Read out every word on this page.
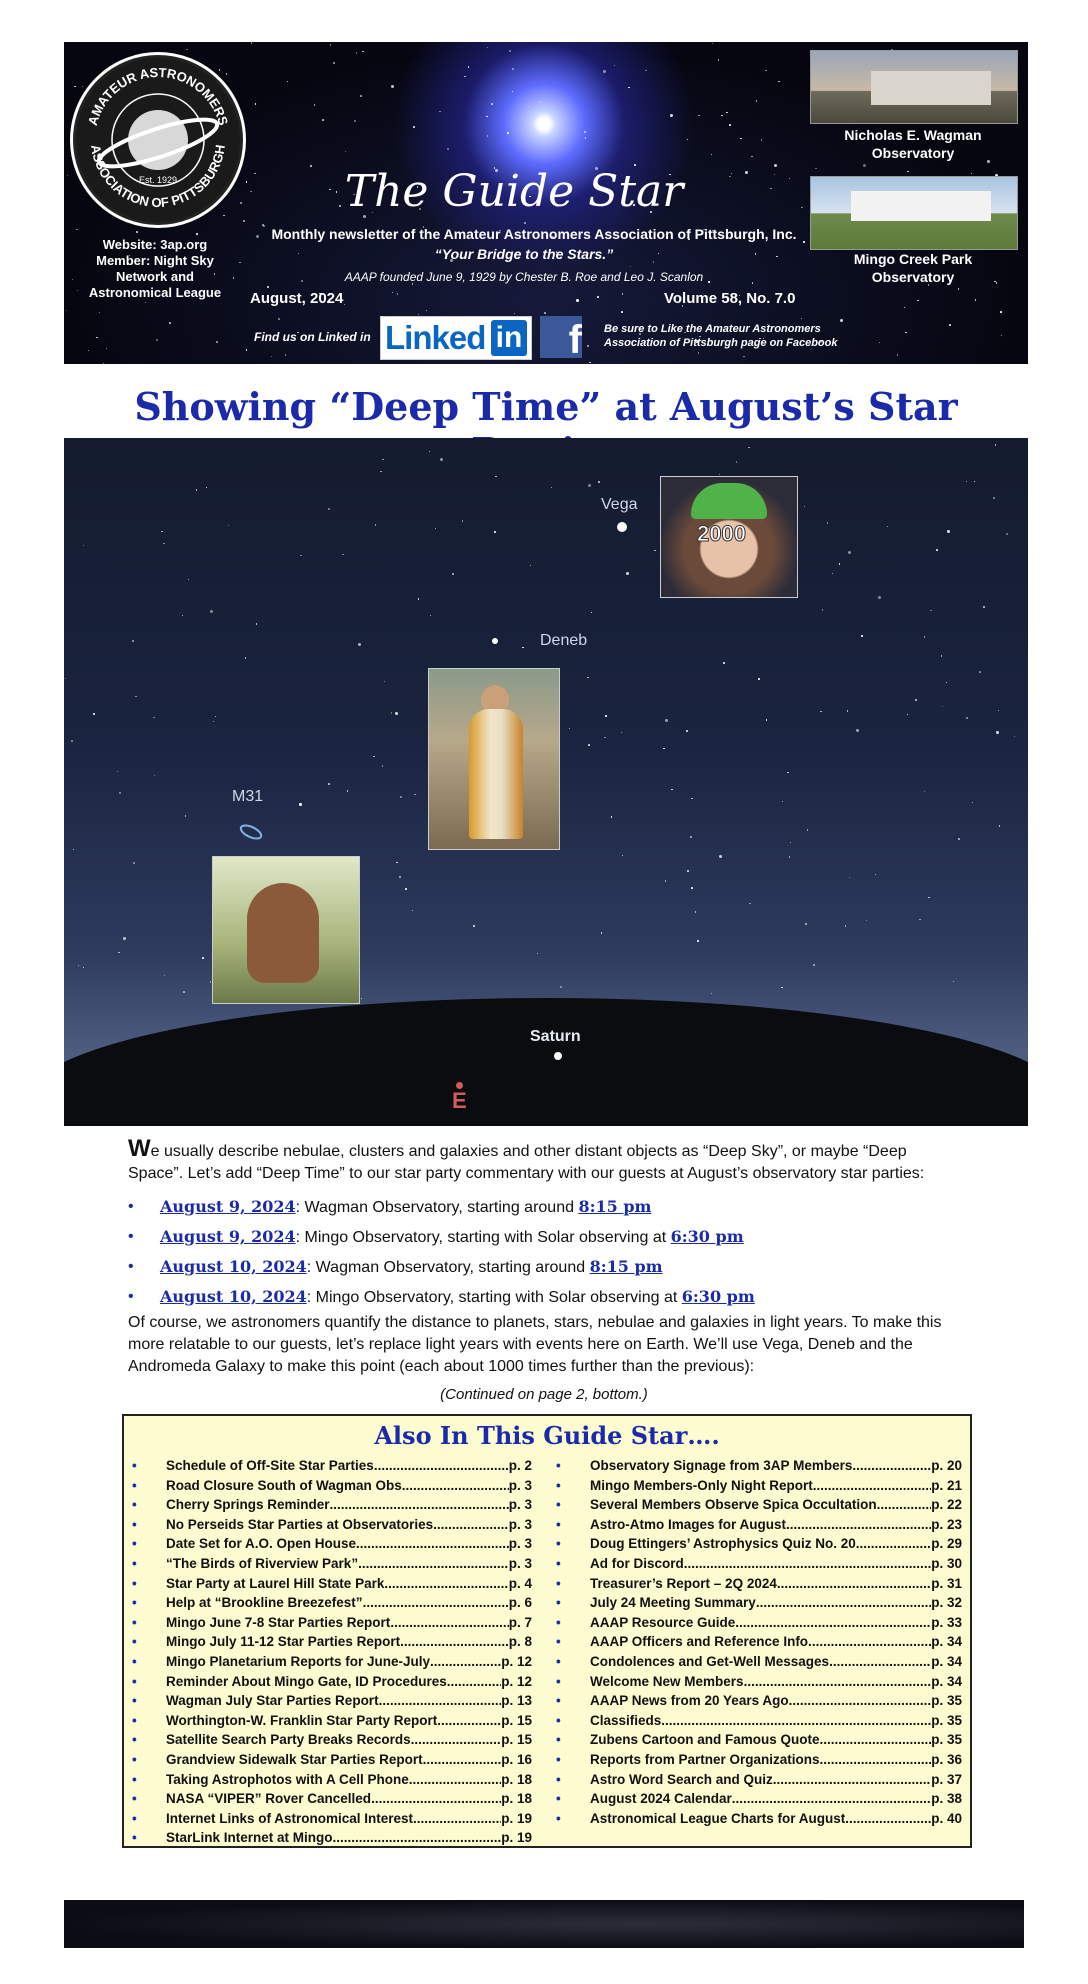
AMATEUR ASTRONOMERS
ASSOCIATION OF PITTSBURGH
Est. 1929
Website: 3ap.org
Member: Night Sky
Network and
Astronomical League
The Guide Star
Monthly newsletter of the Amateur Astronomers Association of Pittsburgh, Inc.
“Your Bridge to the Stars.”
AAAP founded June 9, 1929 by Chester B. Roe and Leo J. Scanlon
August, 2024	Volume 58, No. 7.0
Find us on Linked in Linked in	f Be sure to Like the Amateur Astronomers Association of Pittsburgh page on Facebook
Nicholas E. Wagman
Observatory
Mingo Creek Park
Observatory
Showing “Deep Time” at August’s Star
Vega
Deneb
M31
Saturn
E
2000
We usually describe nebulae, clusters and galaxies and other distant objects as “Deep Sky”, or maybe “Deep Space”. Let’s add “Deep Time” to our star party commentary with our guests at August’s observatory star parties:
• August 9, 2024: Wagman Observatory, starting around 8:15 pm
• August 9, 2024: Mingo Observatory, starting with Solar observing at 6:30 pm
• August 10, 2024: Wagman Observatory, starting around 8:15 pm
• August 10, 2024: Mingo Observatory, starting with Solar observing at 6:30 pm
Of course, we astronomers quantify the distance to planets, stars, nebulae and galaxies in light years. To make this more relatable to our guests, let’s replace light years with events here on Earth. We’ll use Vega, Deneb and the Andromeda Galaxy to make this point (each about 1000 times further than the previous):
(Continued on page 2, bottom.)
Also In This Guide Star….
• Schedule of Off-Site Star Parties .....	p. 2
• Road Closure South of Wagman Obs. .....	p. 3
• Cherry Springs Reminder .....	p. 3
• No Perseids Star Parties at Observatories .....	p. 3
• Date Set for A.O. Open House .....	p. 3
• “The Birds of Riverview Park” .....	p. 3
• Star Party at Laurel Hill State Park .....	p. 4
• Help at “Brookline Breezefest” .....	p. 6
• Mingo June 7-8 Star Parties Report .....	p. 7
• Mingo July 11-12 Star Parties Report .....	p. 8
• Mingo Planetarium Reports for June-July .....	p. 12
• Reminder About Mingo Gate, ID Procedures .....	p. 12
• Wagman July Star Parties Report .....	p. 13
• Worthington-W. Franklin Star Party Report .....	p. 15
• Satellite Search Party Breaks Records .....	p. 15
• Grandview Sidewalk Star Parties Report .....	p. 16
• Taking Astrophotos with A Cell Phone .....	p. 18
• NASA “VIPER” Rover Cancelled .....	p. 18
• Internet Links of Astronomical Interest .....	p. 19
• StarLink Internet at Mingo .....	p. 19
• Observatory Signage from 3AP Members .....	p. 20
• Mingo Members-Only Night Report .....	p. 21
• Several Members Observe Spica Occultation .....	p. 22
• Astro-Atmo Images for August .....	p. 23
• Doug Ettingers’ Astrophysics Quiz No. 20 .....	p. 29
• Ad for Discord .....	p. 30
• Treasurer’s Report – 2Q 2024 .....	p. 31
• July 24 Meeting Summary .....	p. 32
• AAAP Resource Guide .....	p. 33
• AAAP Officers and Reference Info. .....	p. 34
• Condolences and Get-Well Messages .....	p. 34
• Welcome New Members .....	p. 34
• AAAP News from 20 Years Ago .....	p. 35
• Classifieds .....	p. 35
• Zubens Cartoon and Famous Quote .....	p. 35
• Reports from Partner Organizations .....	p. 36
• Astro Word Search and Quiz .....	p. 37
• August 2024 Calendar .....	p. 38
• Astronomical League Charts for August .....	p. 40
